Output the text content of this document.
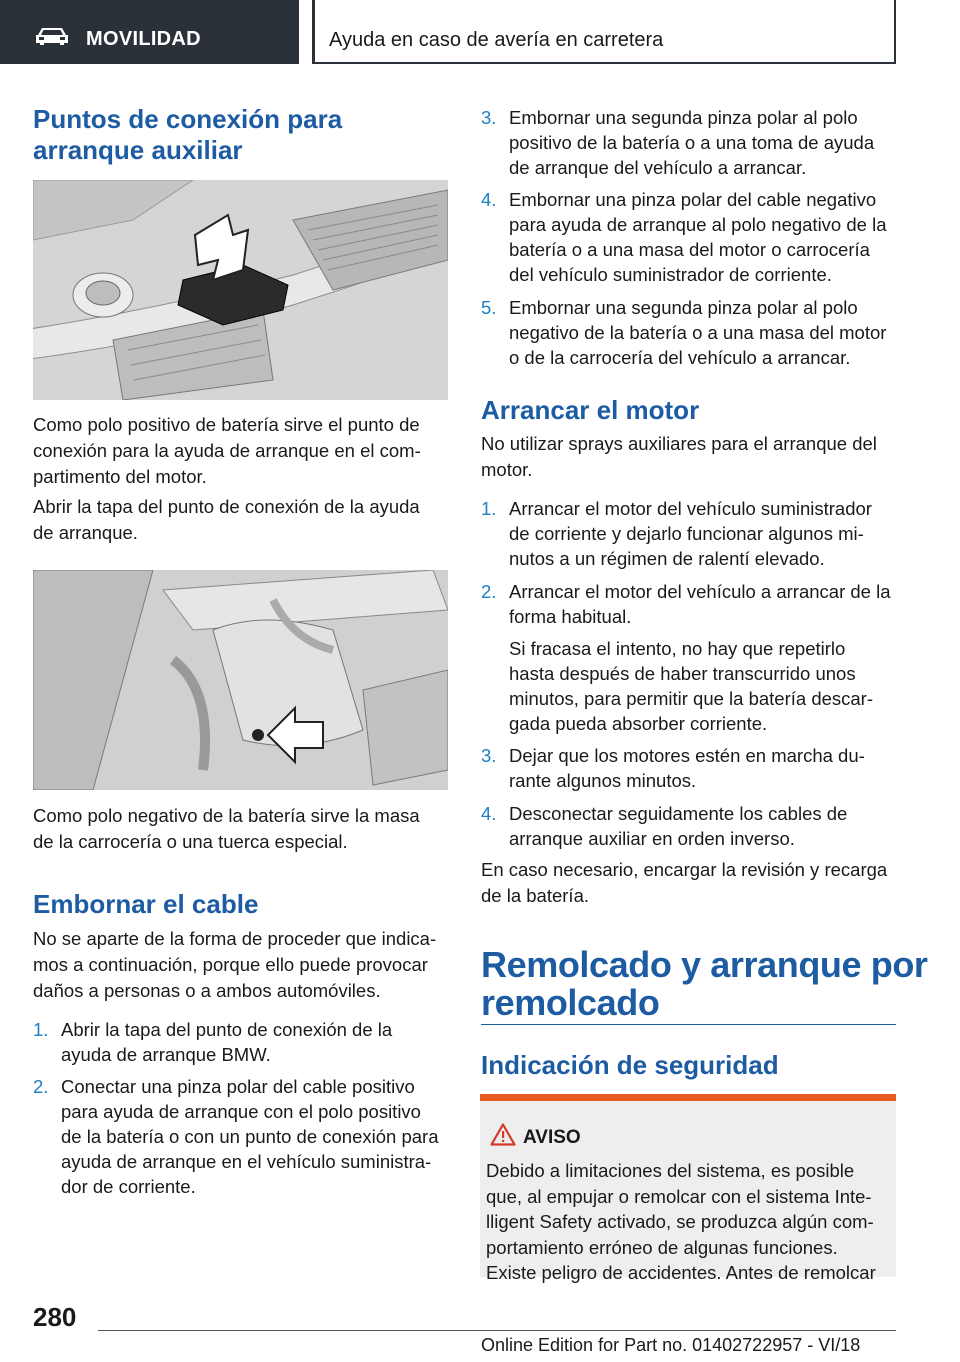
MOVILIDAD	Ayuda en caso de avería en carretera
Puntos de conexión para
arranque auxiliar
Como polo positivo de batería sirve el punto de
conexión para la ayuda de arranque en el com-
partimento del motor.
Abrir la tapa del punto de conexión de la ayuda
de arranque.
Como polo negativo de la batería sirve la masa
de la carrocería o una tuerca especial.
Embornar el cable
No se aparte de la forma de proceder que indica-
mos a continuación, porque ello puede provocar
daños a personas o a ambos automóviles.
1. Abrir la tapa del punto de conexión de la
ayuda de arranque BMW.
2. Conectar una pinza polar del cable positivo
para ayuda de arranque con el polo positivo
de la batería o con un punto de conexión para
ayuda de arranque en el vehículo suministra-
dor de corriente.
3. Embornar una segunda pinza polar al polo
positivo de la batería o a una toma de ayuda
de arranque del vehículo a arrancar.
4. Embornar una pinza polar del cable negativo
para ayuda de arranque al polo negativo de la
batería o a una masa del motor o carrocería
del vehículo suministrador de corriente.
5. Embornar una segunda pinza polar al polo
negativo de la batería o a una masa del motor
o de la carrocería del vehículo a arrancar.
Arrancar el motor
No utilizar sprays auxiliares para el arranque del
motor.
1. Arrancar el motor del vehículo suministrador
de corriente y dejarlo funcionar algunos mi-
nutos a un régimen de ralentí elevado.
2. Arrancar el motor del vehículo a arrancar de la
forma habitual.
Si fracasa el intento, no hay que repetirlo
hasta después de haber transcurrido unos
minutos, para permitir que la batería descar-
gada pueda absorber corriente.
3. Dejar que los motores estén en marcha du-
rante algunos minutos.
4. Desconectar seguidamente los cables de
arranque auxiliar en orden inverso.
En caso necesario, encargar la revisión y recarga
de la batería.
Remolcado y arranque por
remolcado
Indicación de seguridad
AVISO
Debido a limitaciones del sistema, es posible
que, al empujar o remolcar con el sistema Inte-
lligent Safety activado, se produzca algún com-
portamiento erróneo de algunas funciones.
Existe peligro de accidentes. Antes de remolcar
280
Online Edition for Part no. 01402722957 - VI/18
